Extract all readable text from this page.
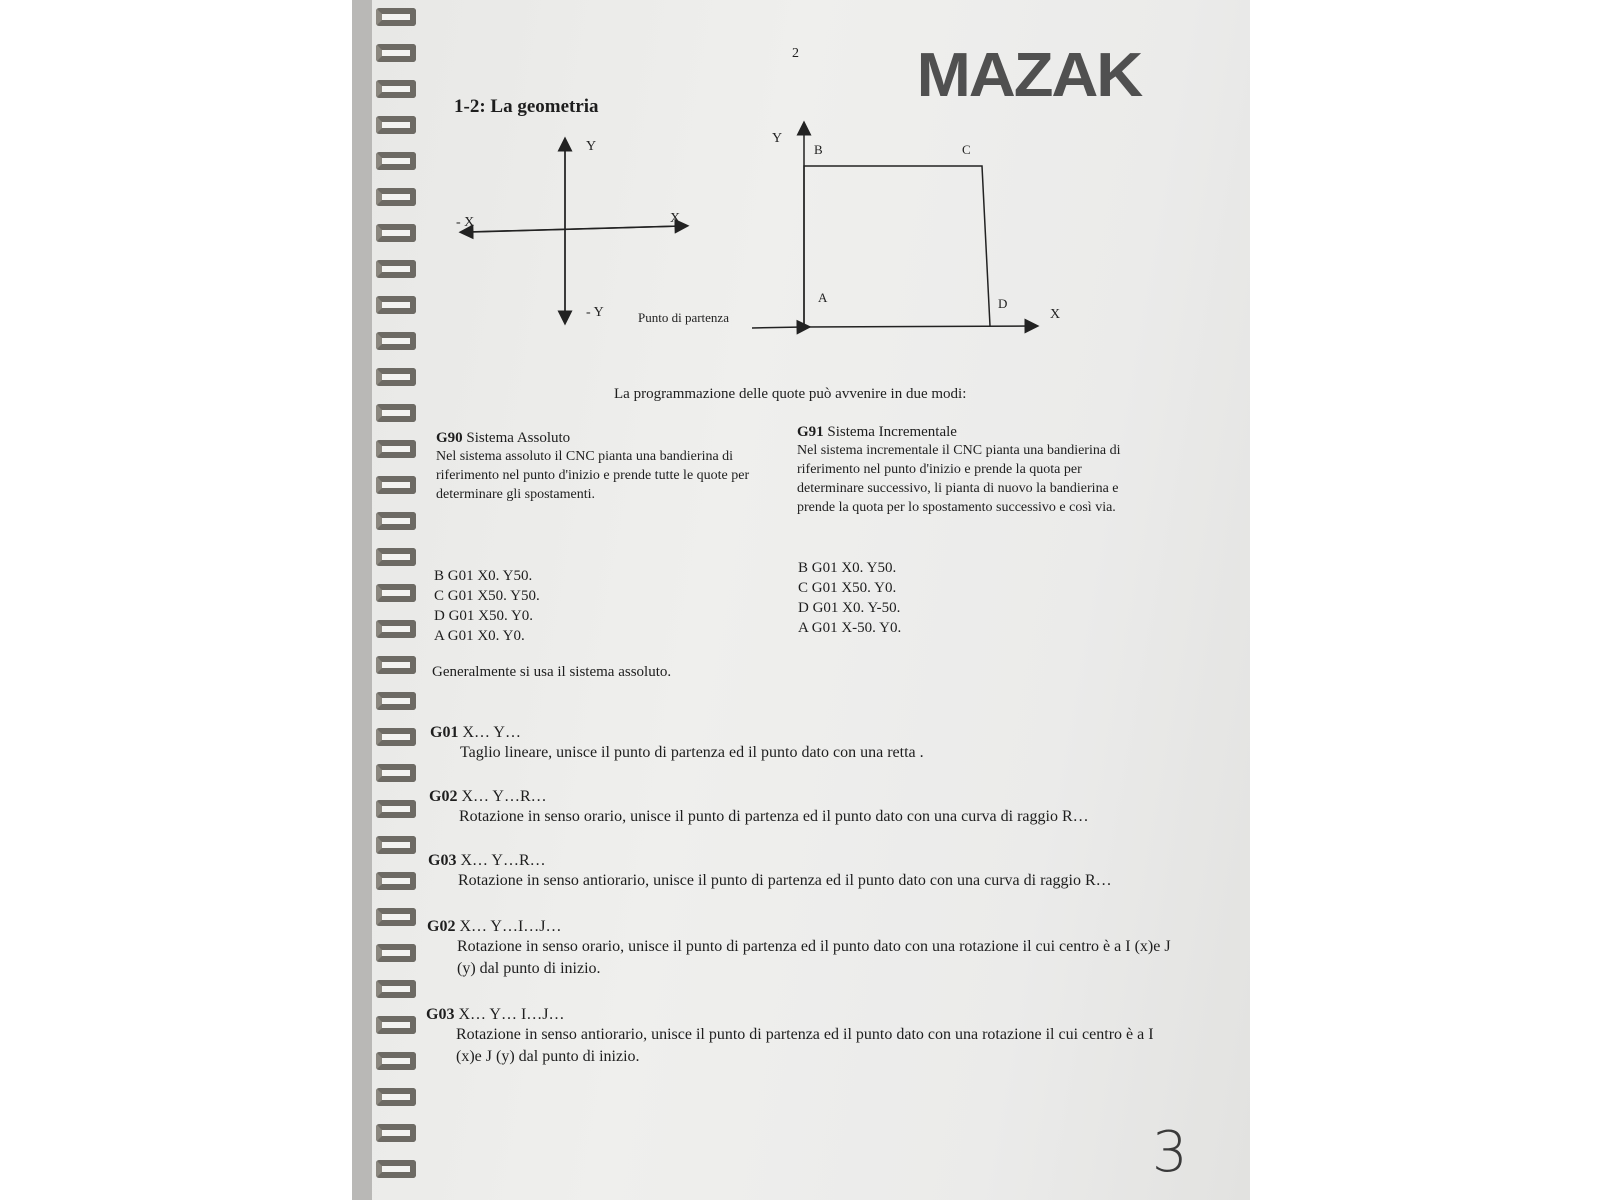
2 MAZAK
1-2: La geometria
Y
- Y
X
- X
Y
X
A
B	C
D
Punto di partenza
La programmazione delle quote può avvenire in due modi:
G90 Sistema Assoluto
Nel sistema assoluto il CNC pianta una bandierina di riferimento nel punto d'inizio e prende tutte le quote per determinare gli spostamenti.
G91 Sistema Incrementale
Nel sistema incrementale il CNC pianta una bandierina di riferimento nel punto d'inizio e prende la quota per determinare successivo, li pianta di nuovo la bandierina e prende la quota per lo spostamento successivo e così via.
B G01 X0. Y50.
C G01 X50. Y50.
D G01 X50. Y0.
A G01 X0. Y0.
B G01 X0. Y50.
C G01 X50. Y0.
D G01 X0. Y-50.
A G01 X-50. Y0.
Generalmente si usa il sistema assoluto.
G01 X… Y…
Taglio lineare, unisce il punto di partenza ed il punto dato con una retta .
G02 X… Y…R…
Rotazione in senso orario, unisce il punto di partenza ed il punto dato con una curva di raggio R…
G03 X… Y…R…
Rotazione in senso antiorario, unisce il punto di partenza ed il punto dato con una curva di raggio R…
G02 X… Y…I…J…
Rotazione in senso orario, unisce il punto di partenza ed il punto dato con una rotazione il cui centro è a I (x)e J (y) dal punto di inizio.
G03 X… Y… I…J…
Rotazione in senso antiorario, unisce il punto di partenza ed il punto dato con una rotazione il cui centro è a I (x)e J (y) dal punto di inizio.
3
